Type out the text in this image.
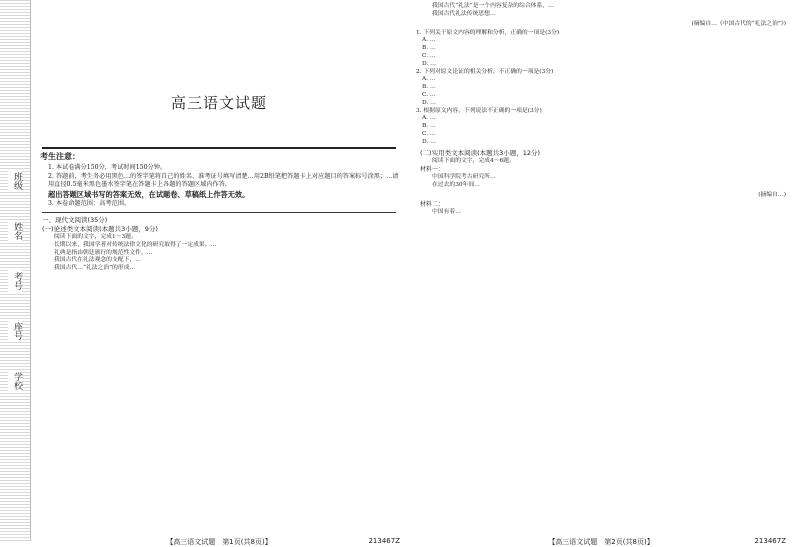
班级
姓名
考号
座号
学校
高三语文试题
考生注意：

1. 本试卷满分150分，考试时间150分钟。

2. 答题前，考生务必用黑色…的签字笔将自己的姓名、准考证号填写清楚…用2B铅笔把答题卡上对应题目的答案标号涂黑；…请用直径0.5毫米黑色墨水签字笔在答题卡上各题的答题区域内作答，

超出答题区域书写的答案无效，在试题卷、草稿纸上作答无效。

3. 本卷命题范围：高考范围。

一、现代文阅读(35分)
(一)论述类文本阅读(本题共3小题，9分)
阅读下面的文字，完成1～3题。

长期以来，我国学者对传统法律文化的研究取得了一定成果。…

礼典是指由朝廷颁行的规范性文件，…

我国古代在礼法观念的支配下，…

我国古代…“礼法之治”的形成…

【高三语文试题　 第1页(共8页)】	213467Z

我国古代“礼法”是一个内容复杂的综合体系，…

我国古代礼法传统思想…

(摘编自…《中国古代的“礼法之治”》)
1. 下列关于原文内容的理解和分析，正确的一项是(3分)
A. …
B. …
C. …
D. …
2. 下列对原文论证的相关分析，不正确的一项是(3分)
A. …
B. …
C. …
D. …
3. 根据原文内容，下列说法不正确的一项是(3分)
A. …
B. …
C. …
D. …
(二)实用类文本阅读(本题共3小题，12分)
阅读下面的文字，完成4～6题。
材料一：

中国科学院考古研究所…

在过去的30年间…

(摘编自…)
材料二：

中国有着…

【高三语文试题　 第2页(共8页)】	213467Z
